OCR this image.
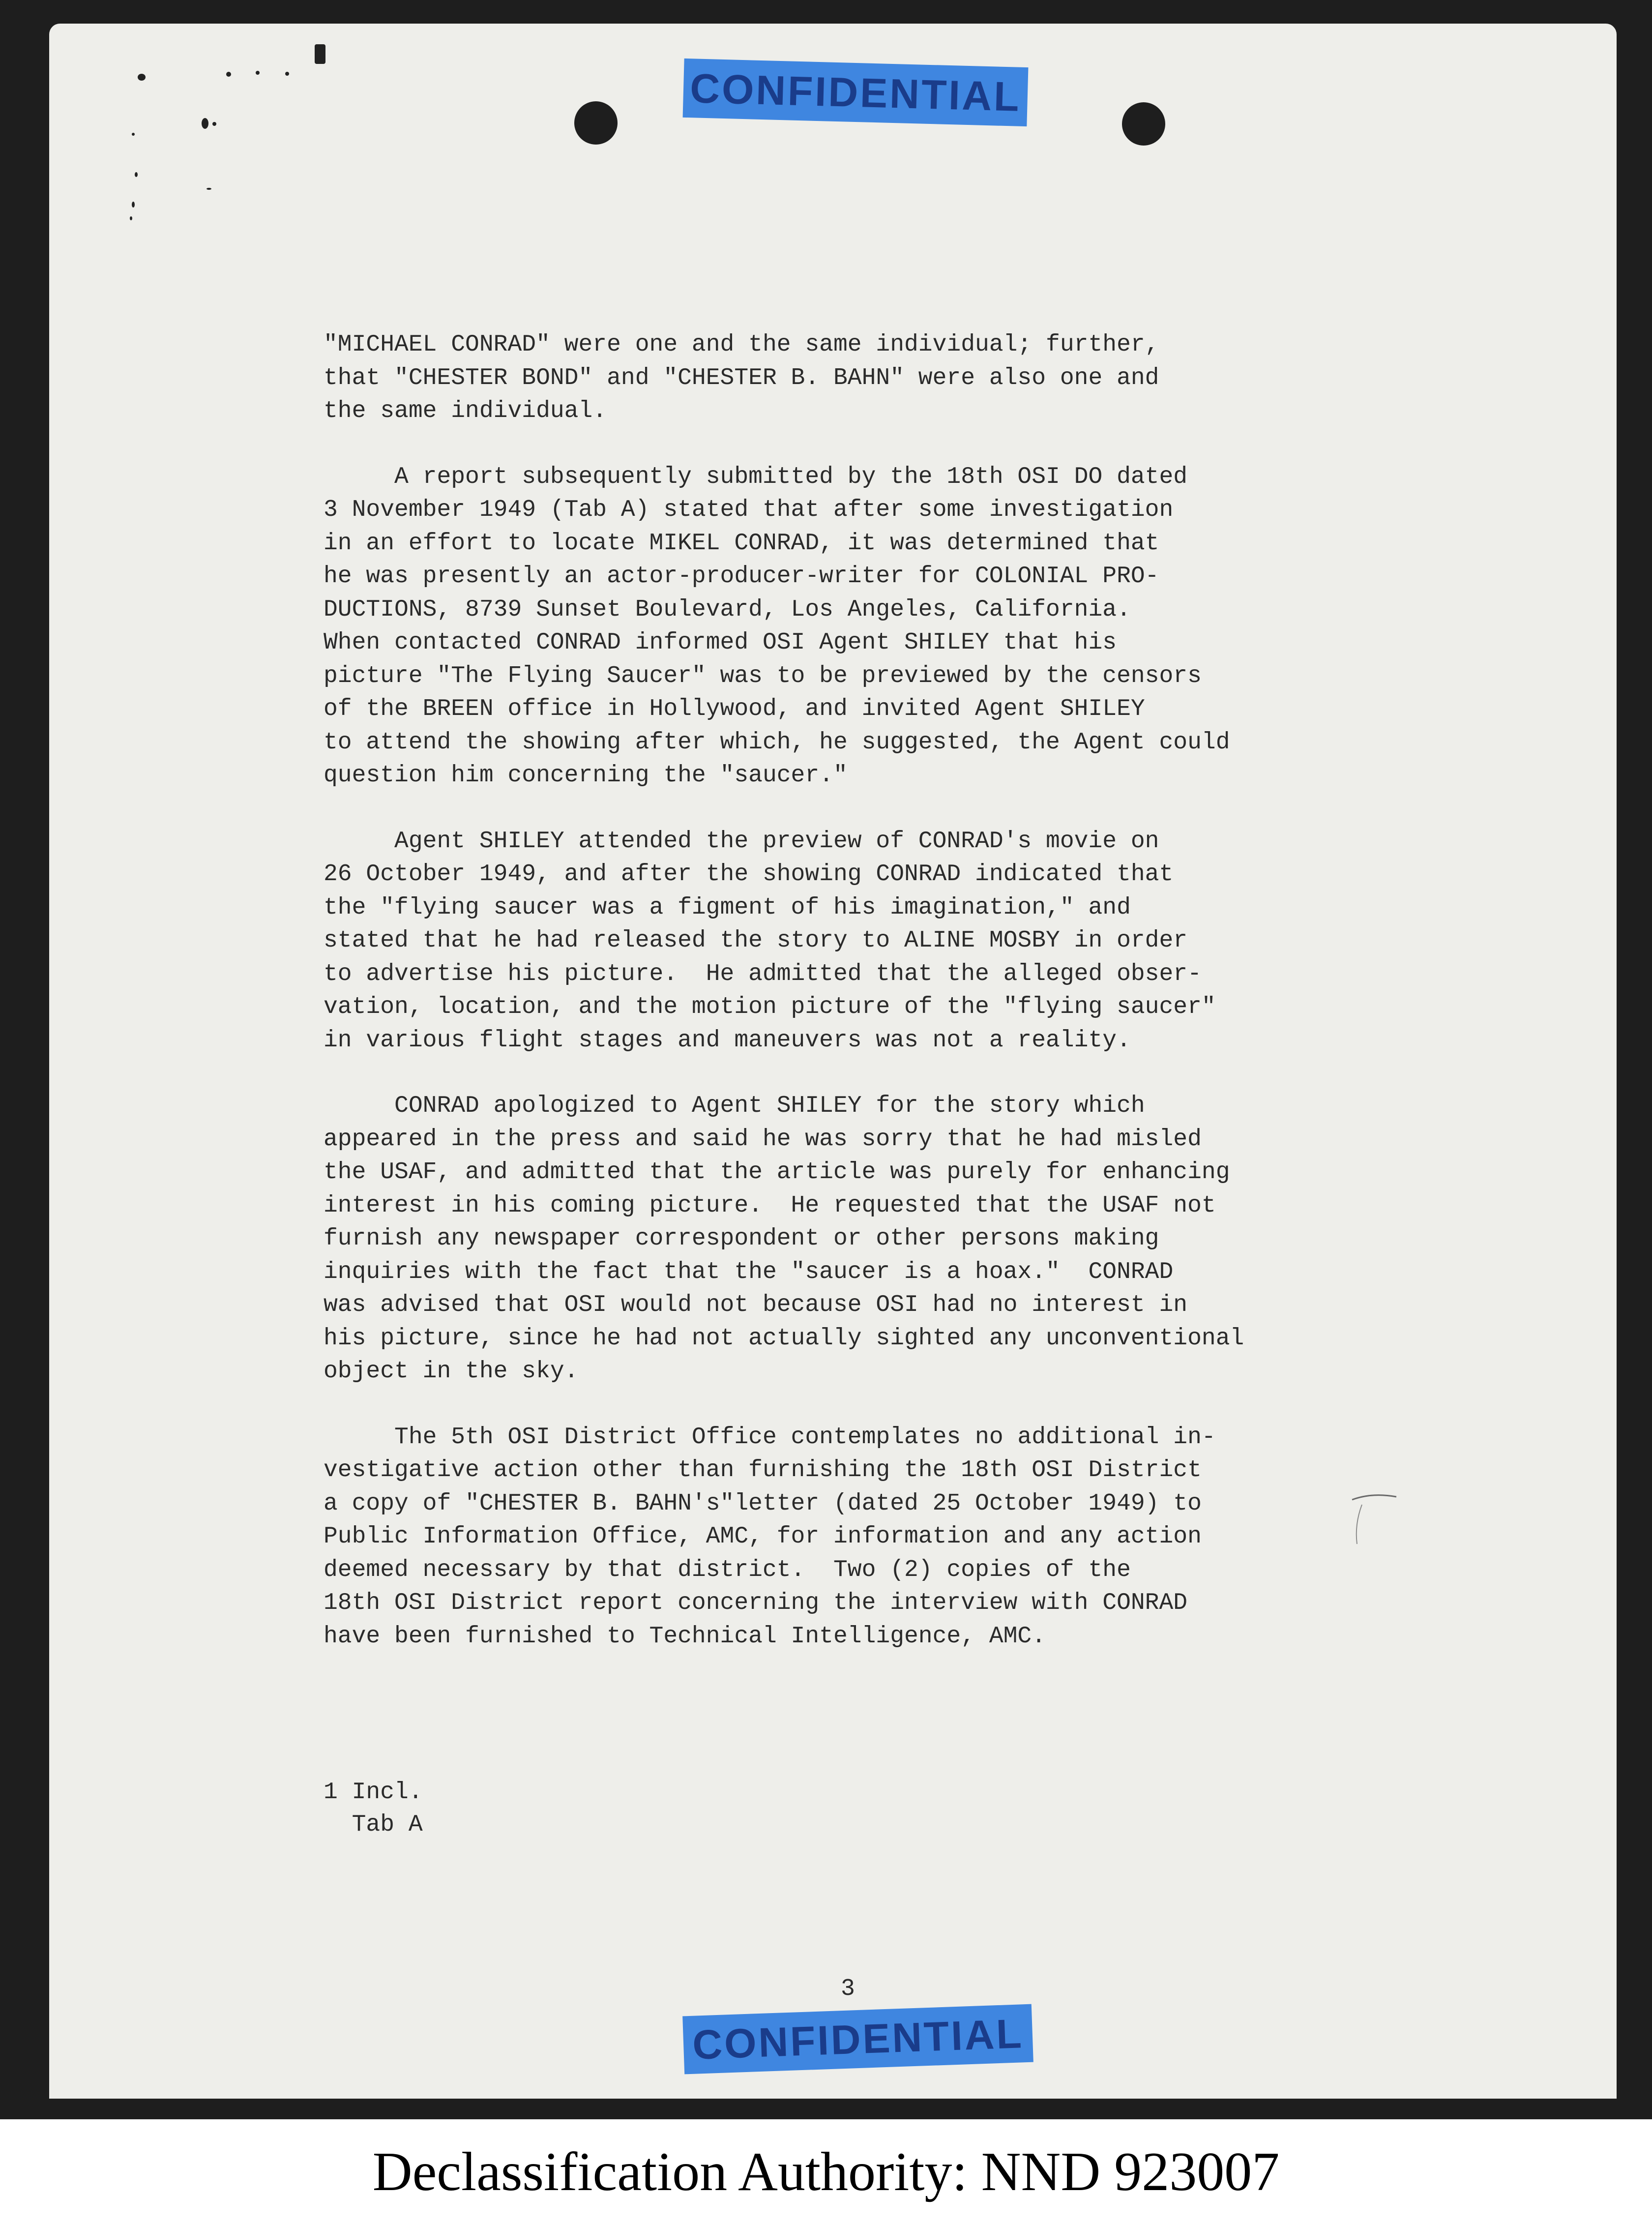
CONFIDENTIAL
"MICHAEL CONRAD" were one and the same individual; further,
that "CHESTER BOND" and "CHESTER B. BAHN" were also one and
the same individual.
A report subsequently submitted by the 18th OSI DO dated
3 November 1949 (Tab A) stated that after some investigation
in an effort to locate MIKEL CONRAD, it was determined that
he was presently an actor-producer-writer for COLONIAL PRO-
DUCTIONS, 8739 Sunset Boulevard, Los Angeles, California.
When contacted CONRAD informed OSI Agent SHILEY that his
picture "The Flying Saucer" was to be previewed by the censors
of the BREEN office in Hollywood, and invited Agent SHILEY
to attend the showing after which, he suggested, the Agent could
question him concerning the "saucer."
Agent SHILEY attended the preview of CONRAD's movie on
26 October 1949, and after the showing CONRAD indicated that
the "flying saucer was a figment of his imagination," and
stated that he had released the story to ALINE MOSBY in order
to advertise his picture.  He admitted that the alleged obser-
vation, location, and the motion picture of the "flying saucer"
in various flight stages and maneuvers was not a reality.
CONRAD apologized to Agent SHILEY for the story which
appeared in the press and said he was sorry that he had misled
the USAF, and admitted that the article was purely for enhancing
interest in his coming picture.  He requested that the USAF not
furnish any newspaper correspondent or other persons making
inquiries with the fact that the "saucer is a hoax."  CONRAD
was advised that OSI would not because OSI had no interest in
his picture, since he had not actually sighted any unconventional
object in the sky.
The 5th OSI District Office contemplates no additional in-
vestigative action other than furnishing the 18th OSI District
a copy of "CHESTER B. BAHN's"letter (dated 25 October 1949) to
Public Information Office, AMC, for information and any action
deemed necessary by that district.  Two (2) copies of the
18th OSI District report concerning the interview with CONRAD
have been furnished to Technical Intelligence, AMC.
1 Incl.
Tab A
3
CONFIDENTIAL
Declassification Authority: NND 923007
